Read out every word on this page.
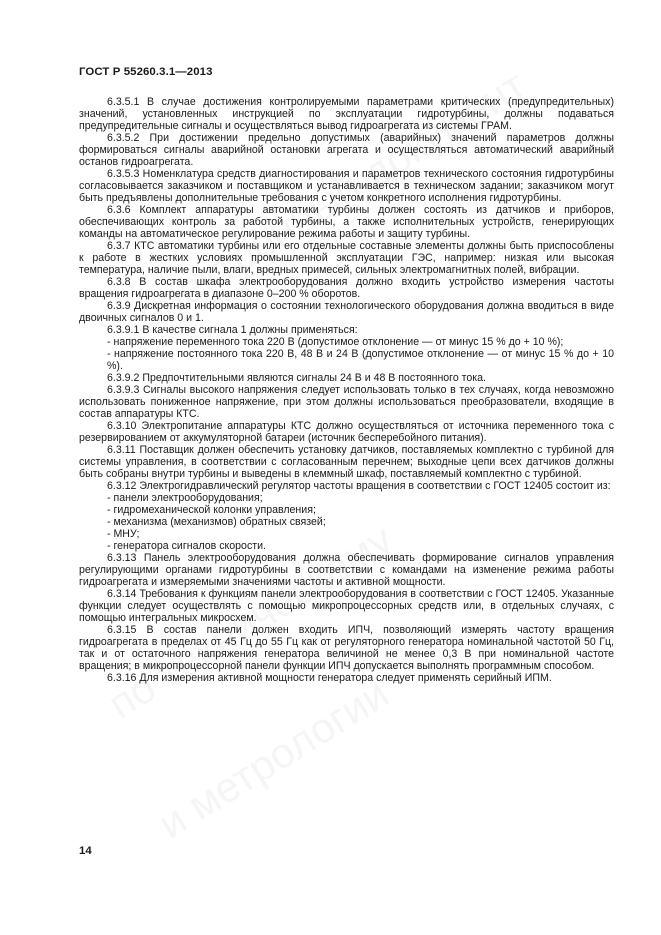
ГОСТ Р 55260.3.1—2013

6.3.5.1 В случае достижения контролируемыми параметрами критических (предупредительных) значений, установленных инструкцией по эксплуатации гидротурбины, должны подаваться предупредительные сигналы и осуществляться вывод гидроагрегата из системы ГРАМ.

6.3.5.2 При достижении предельно допустимых (аварийных) значений параметров должны формироваться сигналы аварийной остановки агрегата и осуществляться автоматический аварийный останов гидроагрегата.

6.3.5.3 Номенклатура средств диагностирования и параметров технического состояния гидротурбины согласовывается заказчиком и поставщиком и устанавливается в техническом задании; заказчиком могут быть предъявлены дополнительные требования с учетом конкретного исполнения гидротурбины.

6.3.6 Комплект аппаратуры автоматики турбины должен состоять из датчиков и приборов, обеспечивающих контроль за работой турбины, а также исполнительных устройств, генерирующих команды на автоматическое регулирование режима работы и защиту турбины.

6.3.7 КТС автоматики турбины или его отдельные составные элементы должны быть приспособлены к работе в жестких условиях промышленной эксплуатации ГЭС, например: низкая или высокая температура, наличие пыли, влаги, вредных примесей, сильных электромагнитных полей, вибрации.

6.3.8 В состав шкафа электрооборудования должно входить устройство измерения частоты вращения гидроагрегата в диапазоне 0–200 % оборотов.

6.3.9 Дискретная информация о состоянии технологического оборудования должна вводиться в виде двоичных сигналов 0 и 1.

6.3.9.1 В качестве сигнала 1 должны применяться:

- напряжение переменного тока 220 В (допустимое отклонение — от минус 15 % до + 10 %);

- напряжение постоянного тока 220 В, 48 В и 24 В (допустимое отклонение — от минус 15 % до + 10 %).

6.3.9.2 Предпочтительными являются сигналы 24 В и 48 В постоянного тока.

6.3.9.3 Сигналы высокого напряжения следует использовать только в тех случаях, когда невозможно использовать пониженное напряжение, при этом должны использоваться преобразователи, входящие в состав аппаратуры КТС.

6.3.10 Электропитание аппаратуры КТС должно осуществляться от источника переменного тока с резервированием от аккумуляторной батареи (источник бесперебойного питания).

6.3.11 Поставщик должен обеспечить установку датчиков, поставляемых комплектно с турбиной для системы управления, в соответствии с согласованным перечнем; выходные цепи всех датчиков должны быть собраны внутри турбины и выведены в клеммный шкаф, поставляемый комплектно с турбиной.

6.3.12 Электрогидравлический регулятор частоты вращения в соответствии с ГОСТ 12405 состоит из:

- панели электрооборудования;

- гидромеханической колонки управления;

- механизма (механизмов) обратных связей;

- МНУ;

- генератора сигналов скорости.

6.3.13 Панель электрооборудования должна обеспечивать формирование сигналов управления регулирующими органами гидротурбины в соответствии с командами на изменение режима работы гидроагрегата и измеряемыми значениями частоты и активной мощности.

6.3.14 Требования к функциям панели электрооборудования в соответствии с ГОСТ 12405. Указанные функции следует осуществлять с помощью микропроцессорных средств или, в отдельных случаях, с помощью интегральных микросхем.

6.3.15 В состав панели должен входить ИПЧ, позволяющий измерять частоту вращения гидроагрегата в пределах от 45 Гц до 55 Гц как от регуляторного генератора номинальной частотой 50 Гц, так и от остаточного напряжения генератора величиной не менее 0,3 В при номинальной частоте вращения; в микропроцессорной панели функции ИПЧ допускается выполнять программным способом.

6.3.16 Для измерения активной мощности генератора следует применять серийный ИПМ.

14
